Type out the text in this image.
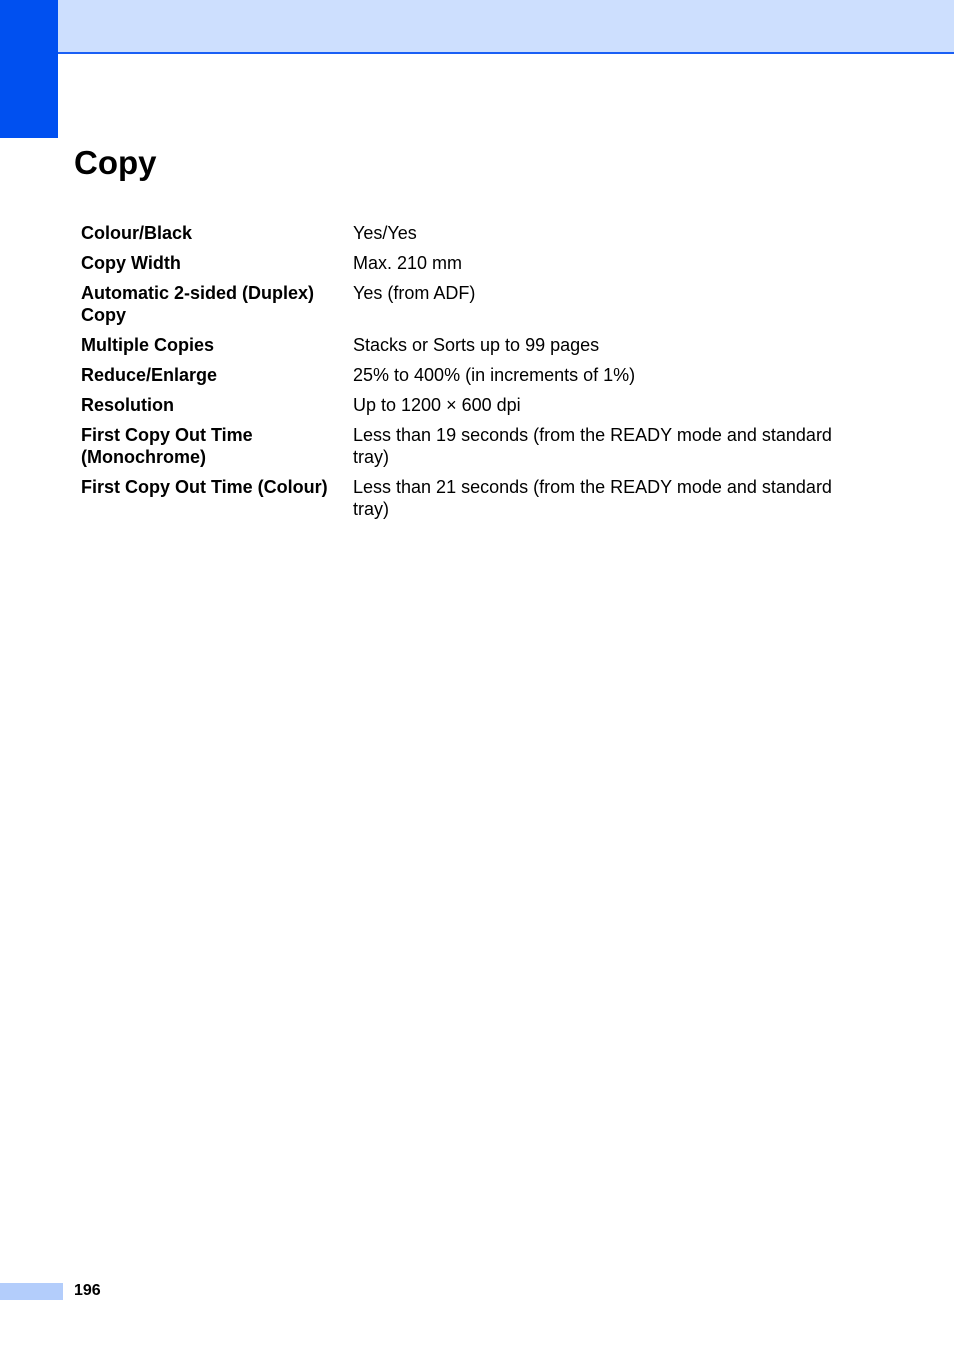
Copy
Colour/Black	Yes/Yes
Copy Width	Max. 210 mm
Automatic 2-sided (Duplex) Copy	Yes (from ADF)
Multiple Copies	Stacks or Sorts up to 99 pages
Reduce/Enlarge	25% to 400% (in increments of 1%)
Resolution	Up to 1200 × 600 dpi
First Copy Out Time (Monochrome)	Less than 19 seconds (from the READY mode and standard tray)
First Copy Out Time (Colour)	Less than 21 seconds (from the READY mode and standard tray)
196
